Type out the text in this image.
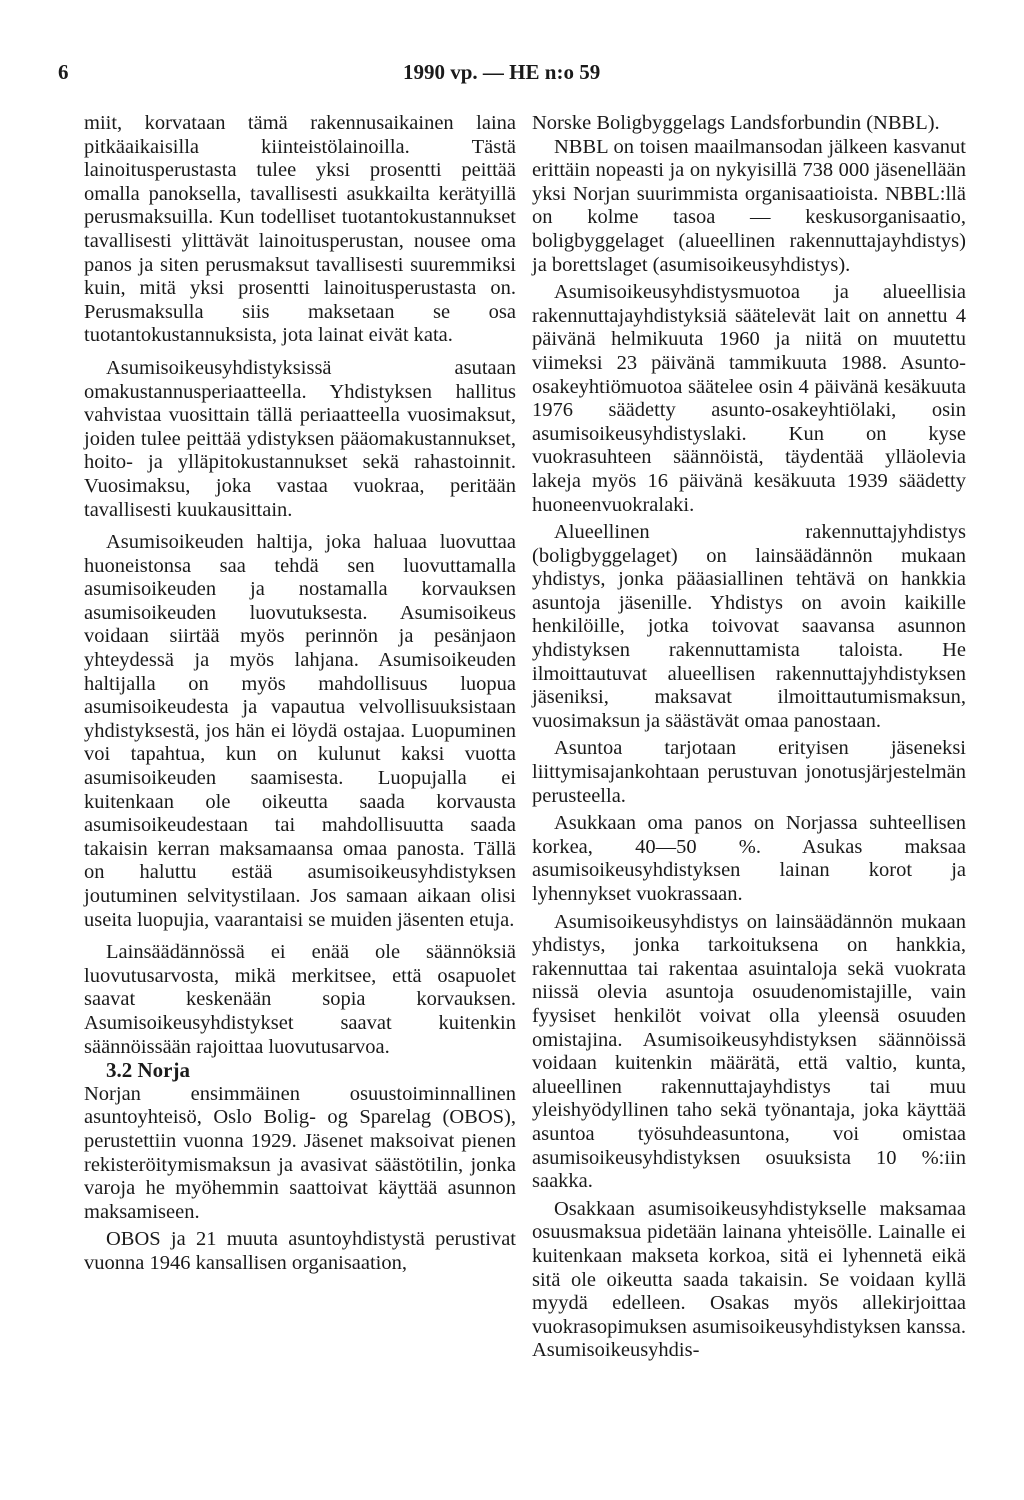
6	1990 vp. — HE n:o 59

miit, korvataan tämä rakennusaikainen laina pitkäaikaisilla kiinteistölainoilla. Tästä lainoitusperustasta tulee yksi prosentti peittää omalla panoksella, tavallisesti asukkailta kerätyillä perusmaksuilla. Kun todelliset tuotantokustannukset tavallisesti ylittävät lainoitusperustan, nousee oma panos ja siten perusmaksut tavallisesti suuremmiksi kuin, mitä yksi prosentti lainoitusperustasta on. Perusmaksulla siis maksetaan se osa tuotantokustannuksista, jota lainat eivät kata.

Asumisoikeusyhdistyksissä asutaan omakustannusperiaatteella. Yhdistyksen hallitus vahvistaa vuosittain tällä periaatteella vuosimaksut, joiden tulee peittää ydistyksen pääomakustannukset, hoito- ja ylläpitokustannukset sekä rahastoinnit. Vuosimaksu, joka vastaa vuokraa, peritään tavallisesti kuukausittain.

Asumisoikeuden haltija, joka haluaa luovuttaa huoneistonsa saa tehdä sen luovuttamalla asumisoikeuden ja nostamalla korvauksen asumisoikeuden luovutuksesta. Asumisoikeus voidaan siirtää myös perinnön ja pesänjaon yhteydessä ja myös lahjana. Asumisoikeuden haltijalla on myös mahdollisuus luopua asumisoikeudesta ja vapautua velvollisuuksistaan yhdistyksestä, jos hän ei löydä ostajaa. Luopuminen voi tapahtua, kun on kulunut kaksi vuotta asumisoikeuden saamisesta. Luopujalla ei kuitenkaan ole oikeutta saada korvausta asumisoikeudestaan tai mahdollisuutta saada takaisin kerran maksamaansa omaa panosta. Tällä on haluttu estää asumisoikeusyhdistyksen joutuminen selvitystilaan. Jos samaan aikaan olisi useita luopujia, vaarantaisi se muiden jäsenten etuja.

Lainsäädännössä ei enää ole säännöksiä luovutusarvosta, mikä merkitsee, että osapuolet saavat keskenään sopia korvauksen. Asumisoikeusyhdistykset saavat kuitenkin säännöissään rajoittaa luovutusarvoa.

3.2 Norja

Norjan ensimmäinen osuustoiminnallinen asuntoyhteisö, Oslo Bolig- og Sparelag (OBOS), perustettiin vuonna 1929. Jäsenet maksoivat pienen rekisteröitymismaksun ja avasivat säästötilin, jonka varoja he myöhemmin saattoivat käyttää asunnon maksamiseen.

OBOS ja 21 muuta asuntoyhdistystä perustivat vuonna 1946 kansallisen organisaation,

Norske Boligbyggelags Landsforbundin (NBBL).

NBBL on toisen maailmansodan jälkeen kasvanut erittäin nopeasti ja on nykyisillä 738 000 jäsenellään yksi Norjan suurimmista organisaatioista. NBBL:llä on kolme tasoa — keskusorganisaatio, boligbyggelaget (alueellinen rakennuttajayhdistys) ja borettslaget (asumisoikeusyhdistys).

Asumisoikeusyhdistysmuotoa ja alueellisia rakennuttajayhdistyksiä säätelevät lait on annettu 4 päivänä helmikuuta 1960 ja niitä on muutettu viimeksi 23 päivänä tammikuuta 1988. Asunto-osakeyhtiömuotoa säätelee osin 4 päivänä kesäkuuta 1976 säädetty asunto-osakeyhtiölaki, osin asumisoikeusyhdistyslaki. Kun on kyse vuokrasuhteen säännöistä, täydentää ylläolevia lakeja myös 16 päivänä kesäkuuta 1939 säädetty huoneenvuokralaki.

Alueellinen rakennuttajyhdistys (boligbyggelaget) on lainsäädännön mukaan yhdistys, jonka pääasiallinen tehtävä on hankkia asuntoja jäsenille. Yhdistys on avoin kaikille henkilöille, jotka toivovat saavansa asunnon yhdistyksen rakennuttamista taloista. He ilmoittautuvat alueellisen rakennuttajyhdistyksen jäseniksi, maksavat ilmoittautumismaksun, vuosimaksun ja säästävät omaa panostaan.

Asuntoa tarjotaan erityisen jäseneksi liittymisajankohtaan perustuvan jonotusjärjestelmän perusteella.

Asukkaan oma panos on Norjassa suhteellisen korkea, 40—50 %. Asukas maksaa asumisoikeusyhdistyksen lainan korot ja lyhennykset vuokrassaan.

Asumisoikeusyhdistys on lainsäädännön mukaan yhdistys, jonka tarkoituksena on hankkia, rakennuttaa tai rakentaa asuintaloja sekä vuokrata niissä olevia asuntoja osuudenomistajille, vain fyysiset henkilöt voivat olla yleensä osuuden omistajina. Asumisoikeusyhdistyksen säännöissä voidaan kuitenkin määrätä, että valtio, kunta, alueellinen rakennuttajayhdistys tai muu yleishyödyllinen taho sekä työnantaja, joka käyttää asuntoa työsuhdeasuntona, voi omistaa asumisoikeusyhdistyksen osuuksista 10 %:iin saakka.

Osakkaan asumisoikeusyhdistykselle maksamaa osuusmaksua pidetään lainana yhteisölle. Lainalle ei kuitenkaan makseta korkoa, sitä ei lyhennetä eikä sitä ole oikeutta saada takaisin. Se voidaan kyllä myydä edelleen. Osakas myös allekirjoittaa vuokrasopimuksen asumisoikeusyhdistyksen kanssa. Asumisoikeusyhdis-
